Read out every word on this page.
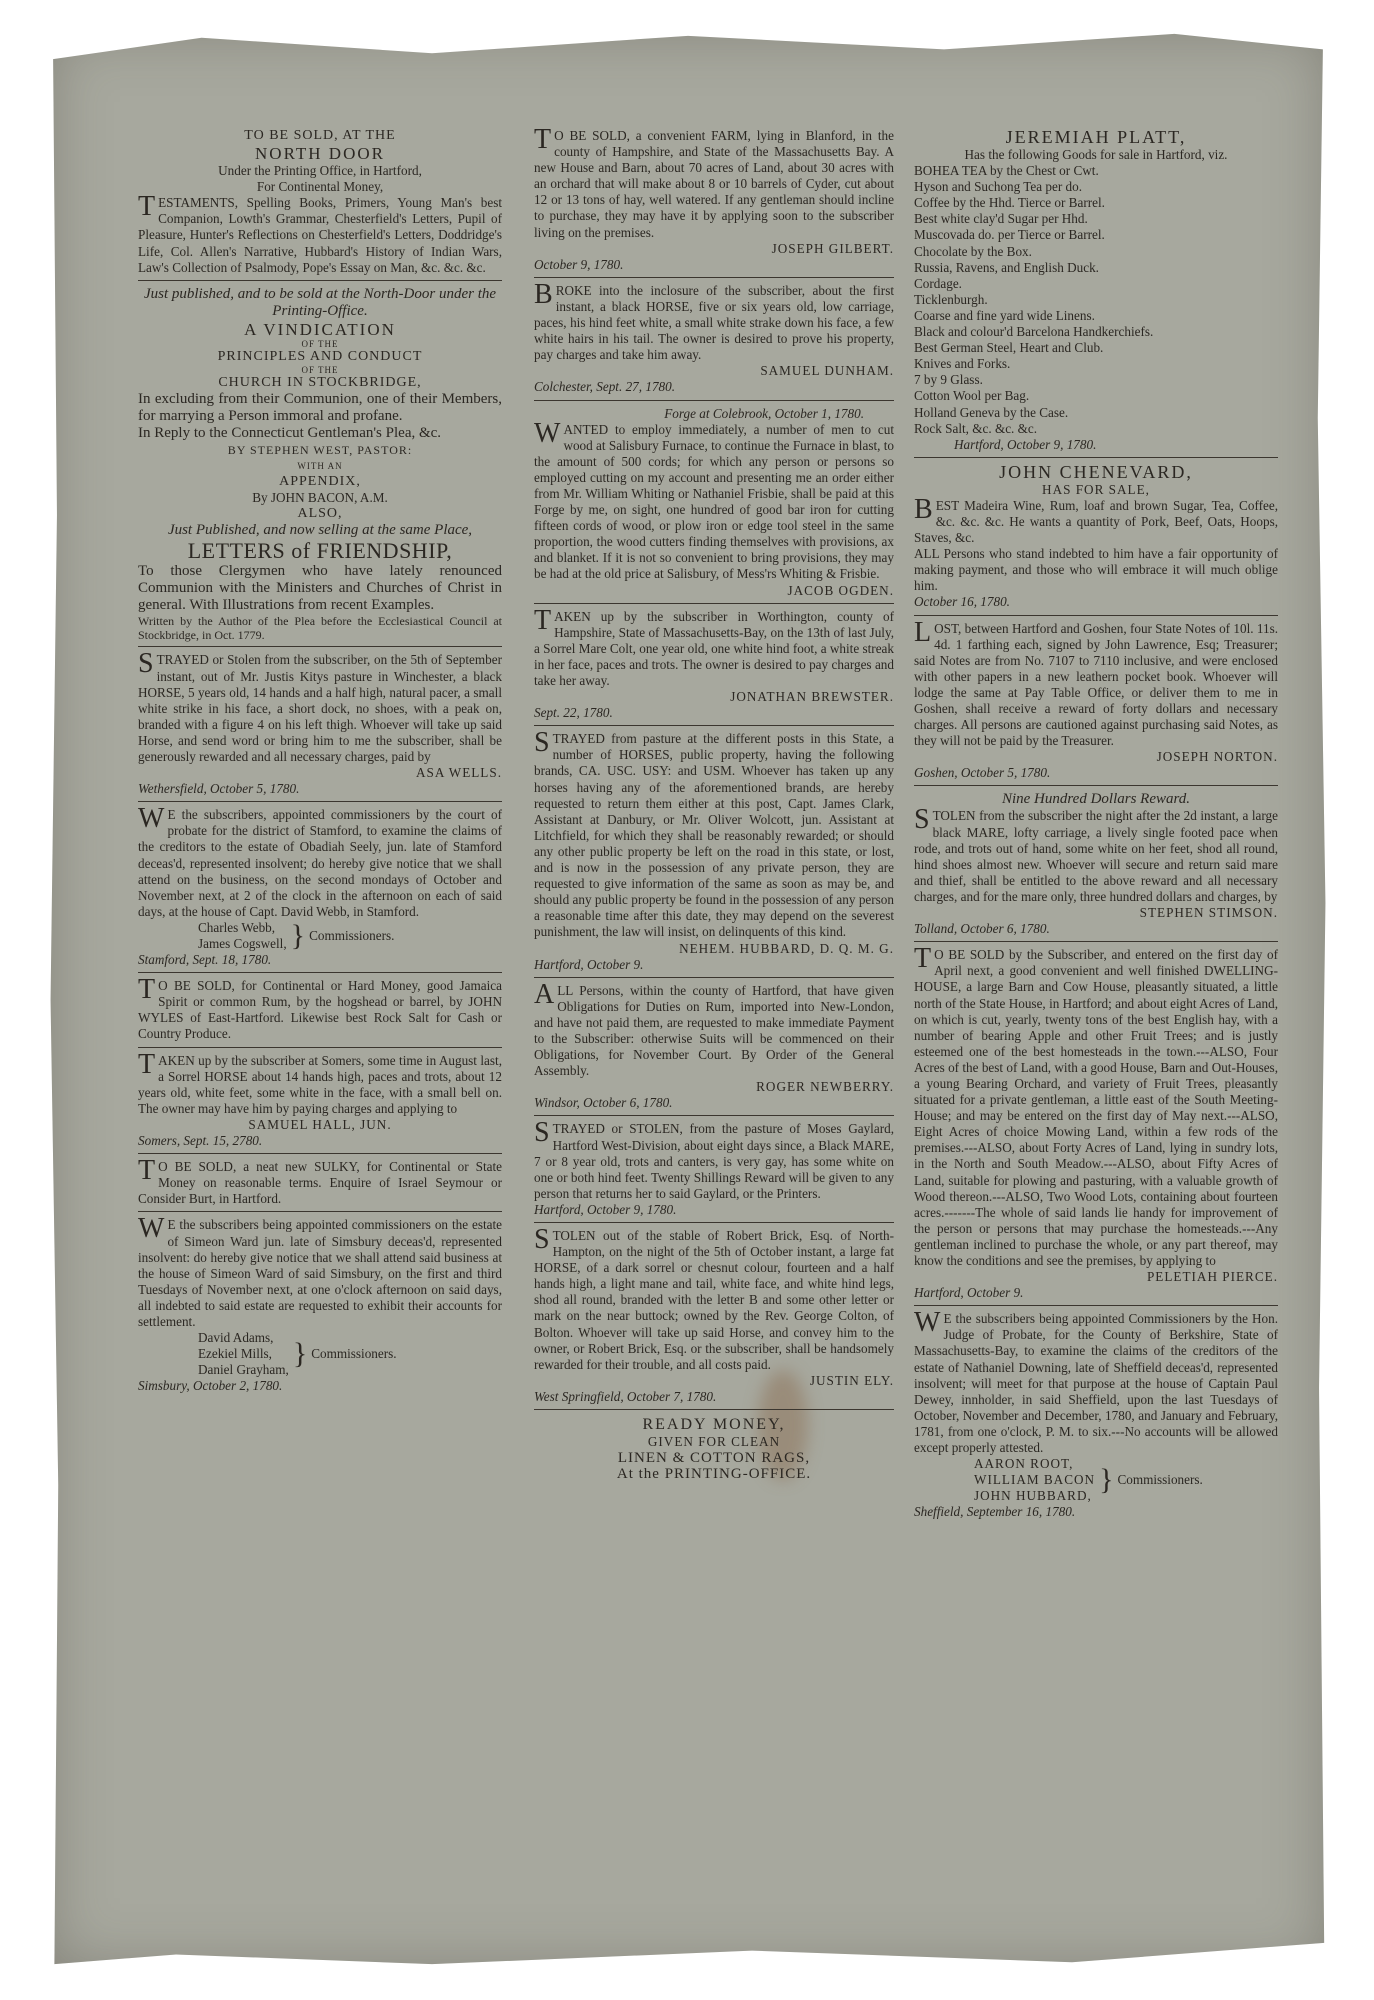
TO BE SOLD, AT THE

NORTH DOOR

Under the Printing Office, in Hartford,

For Continental Money,

TESTAMENTS, Spelling Books, Primers, Young Man's best Companion, Lowth's Grammar, Chesterfield's Letters, Pupil of Pleasure, Hunter's Reflections on Chesterfield's Letters, Doddridge's Life, Col. Allen's Narrative, Hubbard's History of Indian Wars, Law's Collection of Psalmody, Pope's Essay on Man, &c. &c. &c.

Just published, and to be sold at the North-Door under the Printing-Office.

A VINDICATION

OF THE

PRINCIPLES AND CONDUCT

OF THE

CHURCH IN STOCKBRIDGE,

In excluding from their Communion, one of their Members, for marrying a Person immoral and profane.

In Reply to the Connecticut Gentleman's Plea, &c.

BY STEPHEN WEST, PASTOR:

WITH AN

APPENDIX,

By JOHN BACON, A.M.

ALSO,

Just Published, and now selling at the same Place,

LETTERS of FRIENDSHIP,

To those Clergymen who have lately renounced Communion with the Ministers and Churches of Christ in general. With Illustrations from recent Examples.

Written by the Author of the Plea before the Ecclesiastical Council at Stockbridge, in Oct. 1779.

STRAYED or Stolen from the subscriber, on the 5th of September instant, out of Mr. Justis Kitys pasture in Winchester, a black HORSE, 5 years old, 14 hands and a half high, natural pacer, a small white strike in his face, a short dock, no shoes, with a peak on, branded with a figure 4 on his left thigh. Whoever will take up said Horse, and send word or bring him to me the subscriber, shall be generously rewarded and all necessary charges, paid by

ASA WELLS.

Wethersfield, October 5, 1780.

WE the subscribers, appointed commissioners by the court of probate for the district of Stamford, to examine the claims of the creditors to the estate of Obadiah Seely, jun. late of Stamford deceas'd, represented insolvent; do hereby give notice that we shall attend on the business, on the second mondays of October and November next, at 2 of the clock in the afternoon on each of said days, at the house of Capt. David Webb, in Stamford.

Charles Webb,

James Cogswell, } Commissioners.

Stamford, Sept. 18, 1780.

TO BE SOLD, for Continental or Hard Money, good Jamaica Spirit or common Rum, by the hogshead or barrel, by JOHN WYLES of East-Hartford. Likewise best Rock Salt for Cash or Country Produce.

TAKEN up by the subscriber at Somers, some time in August last, a Sorrel HORSE about 14 hands high, paces and trots, about 12 years old, white feet, some white in the face, with a small bell on. The owner may have him by paying charges and applying to

SAMUEL HALL, JUN.

Somers, Sept. 15, 2780.

TO BE SOLD, a neat new SULKY, for Continental or State Money on reasonable terms. Enquire of Israel Seymour or Consider Burt, in Hartford.

WE the subscribers being appointed commissioners on the estate of Simeon Ward jun. late of Simsbury deceas'd, represented insolvent: do hereby give notice that we shall attend said business at the house of Simeon Ward of said Simsbury, on the first and third Tuesdays of November next, at one o'clock afternoon on said days, all indebted to said estate are requested to exhibit their accounts for settlement.

David Adams,

Ezekiel Mills,

Daniel Grayham, } Commissioners.

Simsbury, October 2, 1780.

TO BE SOLD, a convenient FARM, lying in Blanford, in the county of Hampshire, and State of the Massachusetts Bay. A new House and Barn, about 70 acres of Land, about 30 acres with an orchard that will make about 8 or 10 barrels of Cyder, cut about 12 or 13 tons of hay, well watered. If any gentleman should incline to purchase, they may have it by applying soon to the subscriber living on the premises.

JOSEPH GILBERT.

October 9, 1780.

BROKE into the inclosure of the subscriber, about the first instant, a black HORSE, five or six years old, low carriage, paces, his hind feet white, a small white strake down his face, a few white hairs in his tail. The owner is desired to prove his property, pay charges and take him away.

SAMUEL DUNHAM.

Colchester, Sept. 27, 1780.

Forge at Colebrook, October 1, 1780.

WANTED to employ immediately, a number of men to cut wood at Salisbury Furnace, to continue the Furnace in blast, to the amount of 500 cords; for which any person or persons so employed cutting on my account and presenting me an order either from Mr. William Whiting or Nathaniel Frisbie, shall be paid at this Forge by me, on sight, one hundred of good bar iron for cutting fifteen cords of wood, or plow iron or edge tool steel in the same proportion, the wood cutters finding themselves with provisions, ax and blanket. If it is not so convenient to bring provisions, they may be had at the old price at Salisbury, of Mess'rs Whiting & Frisbie.

JACOB OGDEN.

TAKEN up by the subscriber in Worthington, county of Hampshire, State of Massachusetts-Bay, on the 13th of last July, a Sorrel Mare Colt, one year old, one white hind foot, a white streak in her face, paces and trots. The owner is desired to pay charges and take her away.

JONATHAN BREWSTER.

Sept. 22, 1780.

STRAYED from pasture at the different posts in this State, a number of HORSES, public property, having the following brands, CA. USC. USY: and USM. Whoever has taken up any horses having any of the aforementioned brands, are hereby requested to return them either at this post, Capt. James Clark, Assistant at Danbury, or Mr. Oliver Wolcott, jun. Assistant at Litchfield, for which they shall be reasonably rewarded; or should any other public property be left on the road in this state, or lost, and is now in the possession of any private person, they are requested to give information of the same as soon as may be, and should any public property be found in the possession of any person a reasonable time after this date, they may depend on the severest punishment, the law will insist, on delinquents of this kind.

NEHEM. HUBBARD, D. Q. M. G.

Hartford, October 9.

ALL Persons, within the county of Hartford, that have given Obligations for Duties on Rum, imported into New-London, and have not paid them, are requested to make immediate Payment to the Subscriber: otherwise Suits will be commenced on their Obligations, for November Court. By Order of the General Assembly.

ROGER NEWBERRY.

Windsor, October 6, 1780.

STRAYED or STOLEN, from the pasture of Moses Gaylard, Hartford West-Division, about eight days since, a Black MARE, 7 or 8 year old, trots and canters, is very gay, has some white on one or both hind feet. Twenty Shillings Reward will be given to any person that returns her to said Gaylard, or the Printers.

Hartford, October 9, 1780.

STOLEN out of the stable of Robert Brick, Esq. of North-Hampton, on the night of the 5th of October instant, a large fat HORSE, of a dark sorrel or chesnut colour, fourteen and a half hands high, a light mane and tail, white face, and white hind legs, shod all round, branded with the letter B and some other letter or mark on the near buttock; owned by the Rev. George Colton, of Bolton. Whoever will take up said Horse, and convey him to the owner, or Robert Brick, Esq. or the subscriber, shall be handsomely rewarded for their trouble, and all costs paid.

JUSTIN ELY.

West Springfield, October 7, 1780.

READY MONEY,

GIVEN FOR CLEAN

LINEN & COTTON RAGS,

At the PRINTING-OFFICE.

JEREMIAH PLATT,

Has the following Goods for sale in Hartford, viz.

BOHEA TEA by the Chest or Cwt.

Hyson and Suchong Tea per do.

Coffee by the Hhd. Tierce or Barrel.

Best white clay'd Sugar per Hhd.

Muscovada do. per Tierce or Barrel.

Chocolate by the Box.

Russia, Ravens, and English Duck.

Cordage.

Ticklenburgh.

Coarse and fine yard wide Linens.

Black and colour'd Barcelona Handkerchiefs.

Best German Steel, Heart and Club.

Knives and Forks.

7 by 9 Glass.

Cotton Wool per Bag.

Holland Geneva by the Case.

Rock Salt, &c. &c. &c.

Hartford, October 9, 1780.

JOHN CHENEVARD,

HAS FOR SALE,

BEST Madeira Wine, Rum, loaf and brown Sugar, Tea, Coffee, &c. &c. &c. He wants a quantity of Pork, Beef, Oats, Hoops, Staves, &c.

ALL Persons who stand indebted to him have a fair opportunity of making payment, and those who will embrace it will much oblige him.

October 16, 1780.

LOST, between Hartford and Goshen, four State Notes of 10l. 11s. 4d. 1 farthing each, signed by John Lawrence, Esq; Treasurer; said Notes are from No. 7107 to 7110 inclusive, and were enclosed with other papers in a new leathern pocket book. Whoever will lodge the same at Pay Table Office, or deliver them to me in Goshen, shall receive a reward of forty dollars and necessary charges. All persons are cautioned against purchasing said Notes, as they will not be paid by the Treasurer.

JOSEPH NORTON.

Goshen, October 5, 1780.

Nine Hundred Dollars Reward.

STOLEN from the subscriber the night after the 2d instant, a large black MARE, lofty carriage, a lively single footed pace when rode, and trots out of hand, some white on her feet, shod all round, hind shoes almost new. Whoever will secure and return said mare and thief, shall be entitled to the above reward and all necessary charges, and for the mare only, three hundred dollars and charges, by

STEPHEN STIMSON.

Tolland, October 6, 1780.

TO BE SOLD by the Subscriber, and entered on the first day of April next, a good convenient and well finished DWELLING-HOUSE, a large Barn and Cow House, pleasantly situated, a little north of the State House, in Hartford; and about eight Acres of Land, on which is cut, yearly, twenty tons of the best English hay, with a number of bearing Apple and other Fruit Trees; and is justly esteemed one of the best homesteads in the town.---ALSO, Four Acres of the best of Land, with a good House, Barn and Out-Houses, a young Bearing Orchard, and variety of Fruit Trees, pleasantly situated for a private gentleman, a little east of the South Meeting-House; and may be entered on the first day of May next.---ALSO, Eight Acres of choice Mowing Land, within a few rods of the premises.---ALSO, about Forty Acres of Land, lying in sundry lots, in the North and South Meadow.---ALSO, about Fifty Acres of Land, suitable for plowing and pasturing, with a valuable growth of Wood thereon.---ALSO, Two Wood Lots, containing about fourteen acres.-------The whole of said lands lie handy for improvement of the person or persons that may purchase the homesteads.---Any gentleman inclined to purchase the whole, or any part thereof, may know the conditions and see the premises, by applying to

PELETIAH PIERCE.

Hartford, October 9.

WE the subscribers being appointed Commissioners by the Hon. Judge of Probate, for the County of Berkshire, State of Massachusetts-Bay, to examine the claims of the creditors of the estate of Nathaniel Downing, late of Sheffield deceas'd, represented insolvent; will meet for that purpose at the house of Captain Paul Dewey, innholder, in said Sheffield, upon the last Tuesdays of October, November and December, 1780, and January and February, 1781, from one o'clock, P. M. to six.---No accounts will be allowed except properly attested.

AARON ROOT,

WILLIAM BACON

JOHN HUBBARD, } Commissioners.

Sheffield, September 16, 1780.
